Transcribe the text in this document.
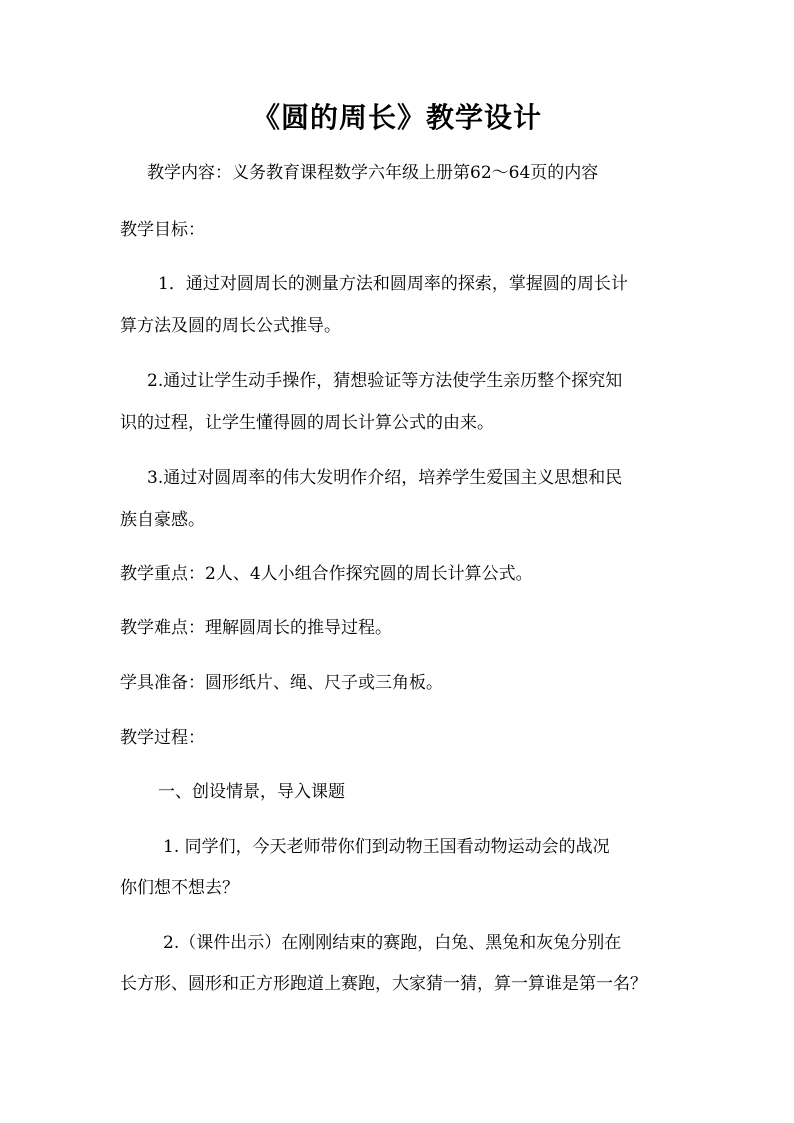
《圆的周长》教学设计
教学内容：义务教育课程数学六年级上册第62～64页的内容
教学目标：
1．通过对圆周长的测量方法和圆周率的探索，掌握圆的周长计
算方法及圆的周长公式推导。
2.通过让学生动手操作，猜想验证等方法使学生亲历整个探究知
识的过程，让学生懂得圆的周长计算公式的由来。
3.通过对圆周率的伟大发明作介绍，培养学生爱国主义思想和民
族自豪感。
教学重点：2人、4人小组合作探究圆的周长计算公式。
教学难点：理解圆周长的推导过程。
学具准备：圆形纸片、绳、尺子或三角板。
教学过程：
一、创设情景，导入课题
1. 同学们，今天老师带你们到动物王国看动物运动会的战况
你们想不想去？
2.（课件出示）在刚刚结束的赛跑，白兔、黑兔和灰兔分别在
长方形、圆形和正方形跑道上赛跑，大家猜一猜，算一算谁是第一名？
